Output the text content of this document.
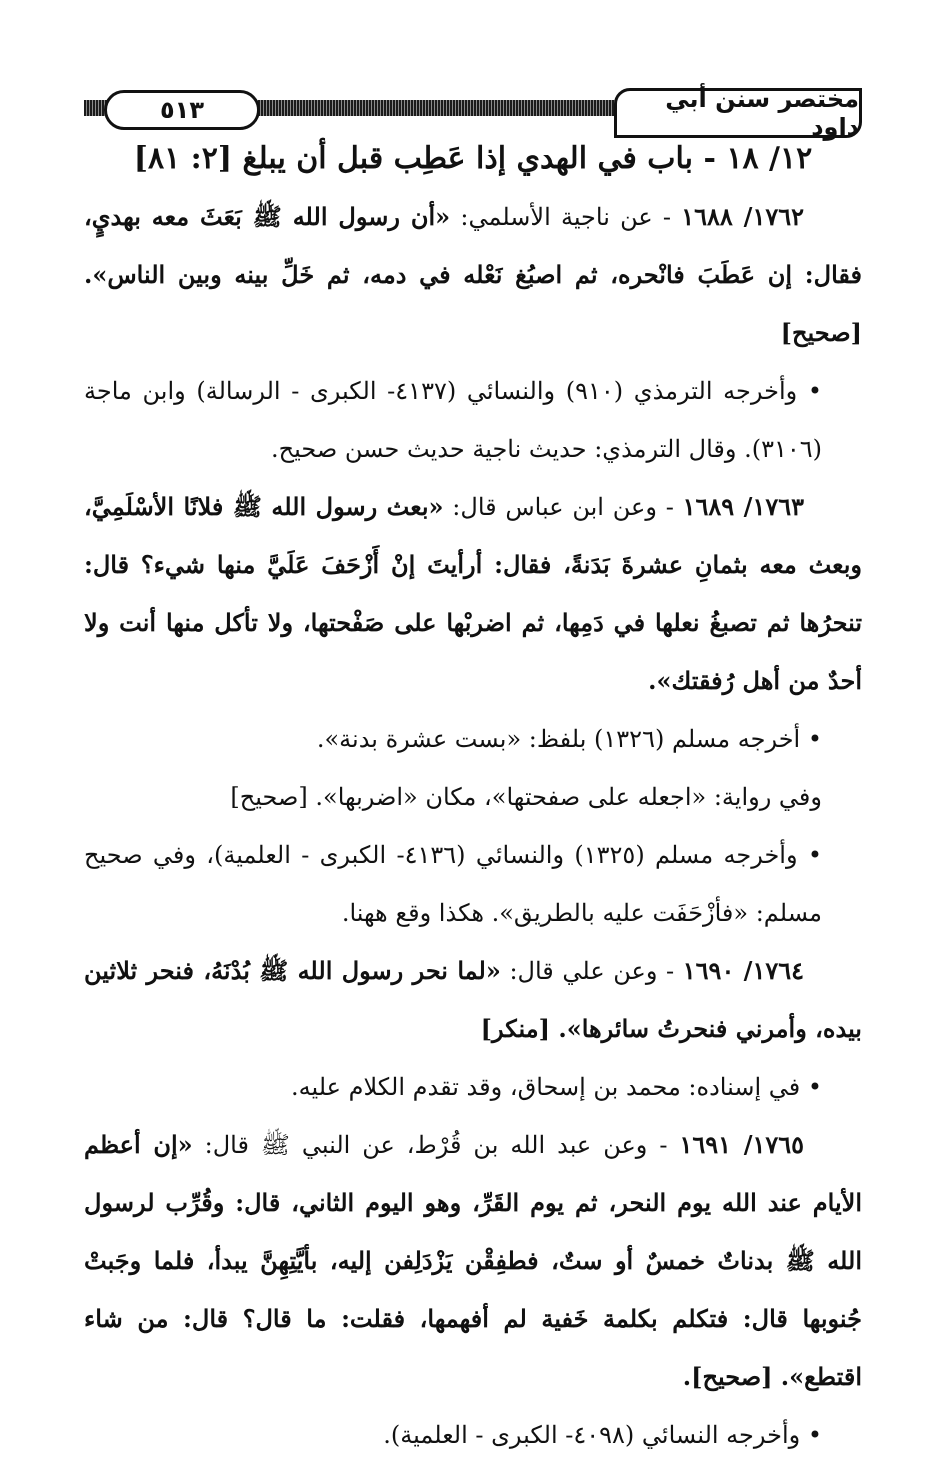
٥١٣	مختصر سنن أبي داود
١٢/ ١٨ - باب في الهدي إذا عَطِب قبل أن يبلغ [٢: ٨١]

١٧٦٢/ ١٦٨٨ - عن ناجية الأسلمي: «أن رسول الله ﷺ بَعَثَ معه بهديٍ، فقال: إن عَطَبَ فانْحره، ثم اصبُغ نَعْله في دمه، ثم خَلِّ بينه وبين الناس». [صحيح]

• وأخرجه الترمذي (٩١٠) والنسائي (٤١٣٧- الكبرى - الرسالة) وابن ماجة (٣١٠٦). وقال الترمذي: حديث ناجية حديث حسن صحيح.

١٧٦٣/ ١٦٨٩ - وعن ابن عباس قال: «بعث رسول الله ﷺ فلانًا الأسْلَمِيَّ، وبعث معه بثمانِ عشرةَ بَدَنةً، فقال: أرأيتَ إنْ أَزْحَفَ عَلَيَّ منها شيء؟ قال: تنحرُها ثم تصبغُ نعلها في دَمِها، ثم اضربْها على صَفْحتها، ولا تأكل منها أنت ولا أحدٌ من أهل رُفقتك».

• أخرجه مسلم (١٣٢٦) بلفظ: «بست عشرة بدنة».

وفي رواية: «اجعله على صفحتها»، مكان «اضربها». [صحيح]

• وأخرجه مسلم (١٣٢٥) والنسائي (٤١٣٦- الكبرى - العلمية)، وفي صحيح مسلم: «فأزْحَفَت عليه بالطريق». هكذا وقع ههنا.

١٧٦٤/ ١٦٩٠ - وعن علي قال: «لما نحر رسول الله ﷺ بُدْنَهُ، فنحر ثلاثين بيده، وأمرني فنحرتُ سائرها». [منكر]

• في إسناده: محمد بن إسحاق، وقد تقدم الكلام عليه.

١٧٦٥/ ١٦٩١ - وعن عبد الله بن قُرْط، عن النبي ﷺ قال: «إن أعظم الأيام عند الله يوم النحر، ثم يوم القَرِّ، وهو اليوم الثاني، قال: وقُرِّب لرسول الله ﷺ بدناتٌ خمسٌ أو ستٌ، فطفِقْن يَزْدَلِفن إليه، بأيَّتِهِنَّ يبدأ، فلما وجَبتْ جُنوبها قال: فتكلم بكلمة خَفية لم أفهمها، فقلت: ما قال؟ قال: من شاء اقتطع». [صحيح].

• وأخرجه النسائي (٤٠٩٨- الكبرى - العلمية).
